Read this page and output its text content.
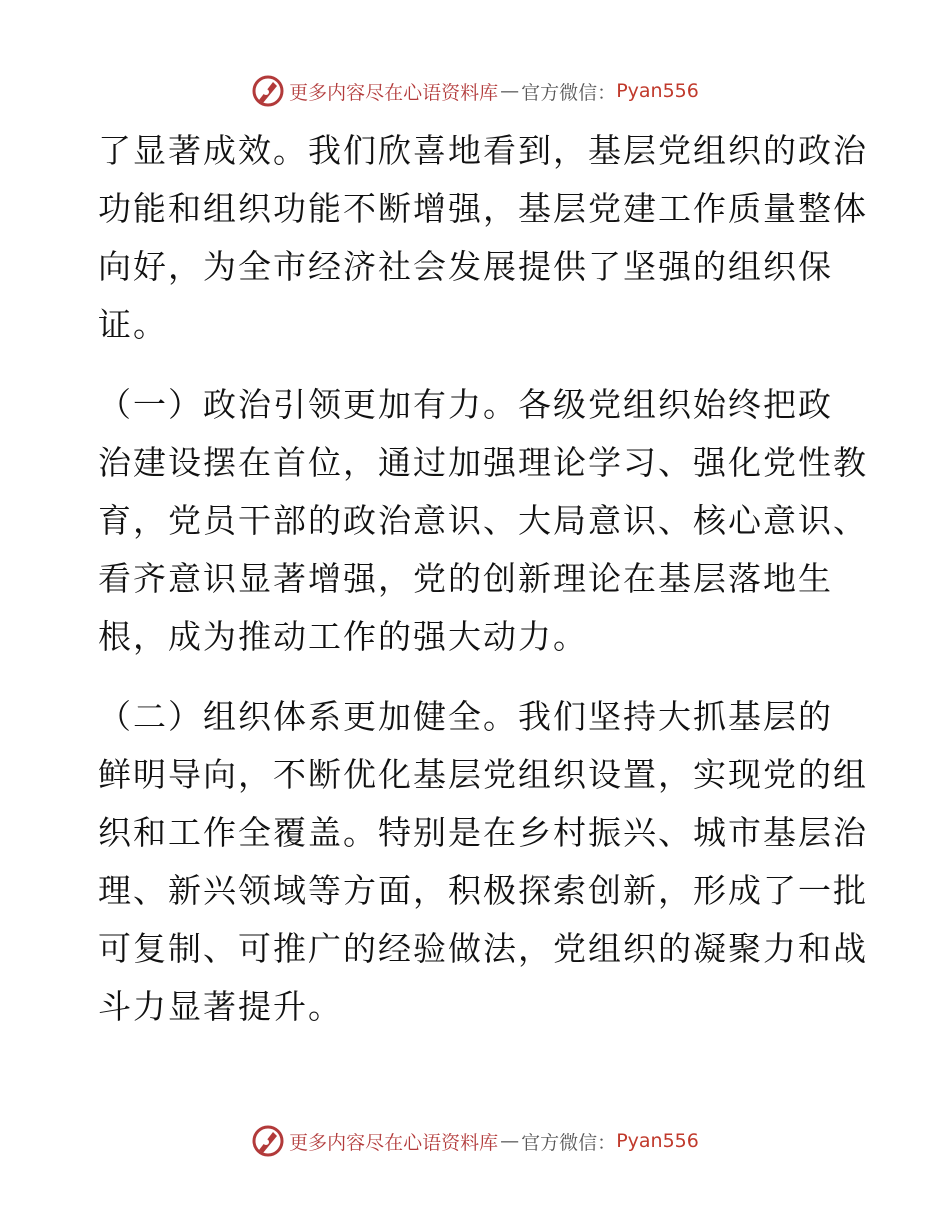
更多内容尽在心语资料库 — 官方微信： Pyan556

了显著成效。我们欣喜地看到，基层党组织的政治
功能和组织功能不断增强，基层党建工作质量整体
向好，为全市经济社会发展提供了坚强的组织保
证。

（一）政治引领更加有力。各级党组织始终把政
治建设摆在首位，通过加强理论学习、强化党性教
育，党员干部的政治意识、大局意识、核心意识、
看齐意识显著增强，党的创新理论在基层落地生
根，成为推动工作的强大动力。

（二）组织体系更加健全。我们坚持大抓基层的
鲜明导向，不断优化基层党组织设置，实现党的组
织和工作全覆盖。特别是在乡村振兴、城市基层治
理、新兴领域等方面，积极探索创新，形成了一批
可复制、可推广的经验做法，党组织的凝聚力和战
斗力显著提升。

更多内容尽在心语资料库 — 官方微信： Pyan556
